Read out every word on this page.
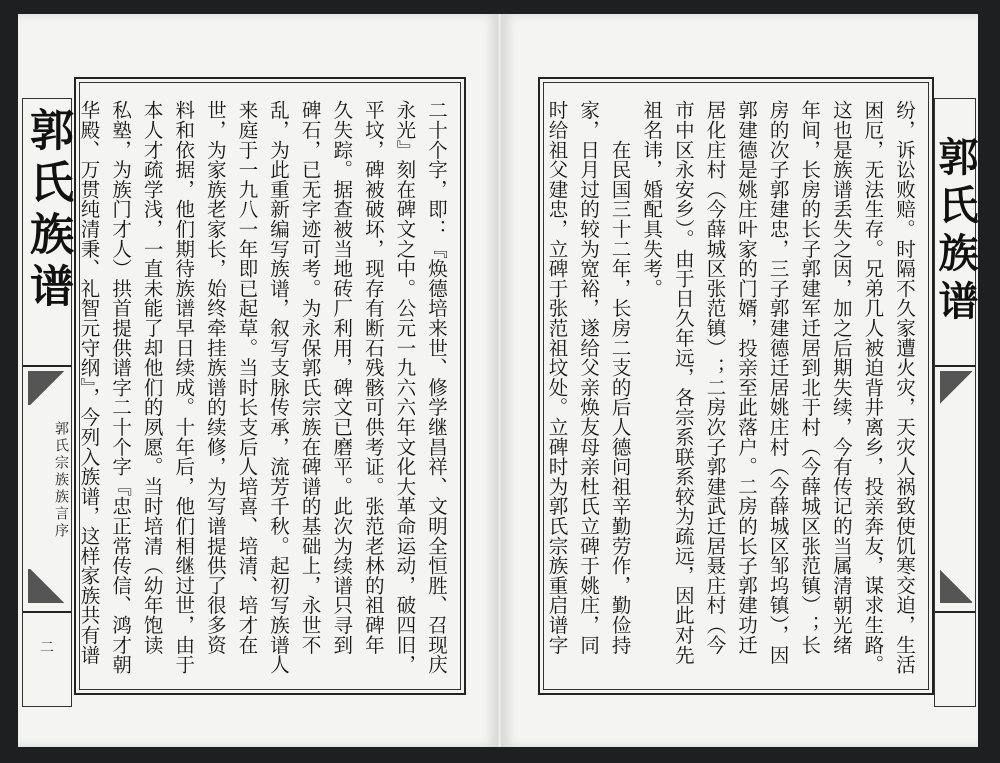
郭氏族谱
郭氏宗族族言序
二	二十个字，即：『焕德培来世、修学继昌祥、文明全恒胜、召现庆
永光』刻在碑文之中。公元一九六六年文化大革命运动，破四旧，
平坟，碑被破坏，现存有断石残骸可供考证。张范老林的祖碑年
久失踪。据查被当地砖厂利用，碑文已磨平。此次为续谱只寻到
碑石，已无字迹可考。为永保郭氏宗族在碑谱的基础上，永世不
乱，为此重新编写族谱，叙写支脉传承，流芳千秋。起初写族谱人
来庭于一九八一年即已起草。当时长支后人培喜、培清、培才在
世，为家族老家长，始终牵挂族谱的续修，为写谱提供了很多资
料和依据，他们期待族谱早日续成。十年后，他们相继过世，由于
本人才疏学浅，一直未能了却他们的夙愿。当时培清（幼年饱读
私塾，为族门才人）拱首提供谱字二十个字『忠正常传信、鸿才朝
华殿、万贯纯清秉、礼智元守纲』，今列入族谱，这样家族共有谱	纷，诉讼败赔。时隔不久家遭火灾，天灾人祸致使饥寒交迫，生活
困厄，无法生存。兄弟几人被迫背井离乡，投亲奔友，谋求生路。
这也是族谱丢失之因，加之后期失续，今有传记的当属清朝光绪
年间，长房的长子郭建军迁居到北于村（今薛城区张范镇）；长
房的次子郭建忠，三子郭建德迁居姚庄村（今薛城区邹坞镇），因
郭建德是姚庄叶家的门婿，投亲至此落户。二房的长子郭建功迁
居化庄村（今薛城区张范镇）；二房次子郭建武迁居聂庄村（今
市中区永安乡）。由于日久年远，各宗系联系较为疏远，因此对先
祖名讳，婚配具失考。
　　在民国三十二年，长房二支的后人德问祖辛勤劳作，勤俭持
家，日月过的较为宽裕，遂给父亲焕友母亲杜氏立碑于姚庄，同
时给祖父建忠，立碑于张范祖坟处。立碑时为郭氏宗族重启谱字	郭氏族谱
